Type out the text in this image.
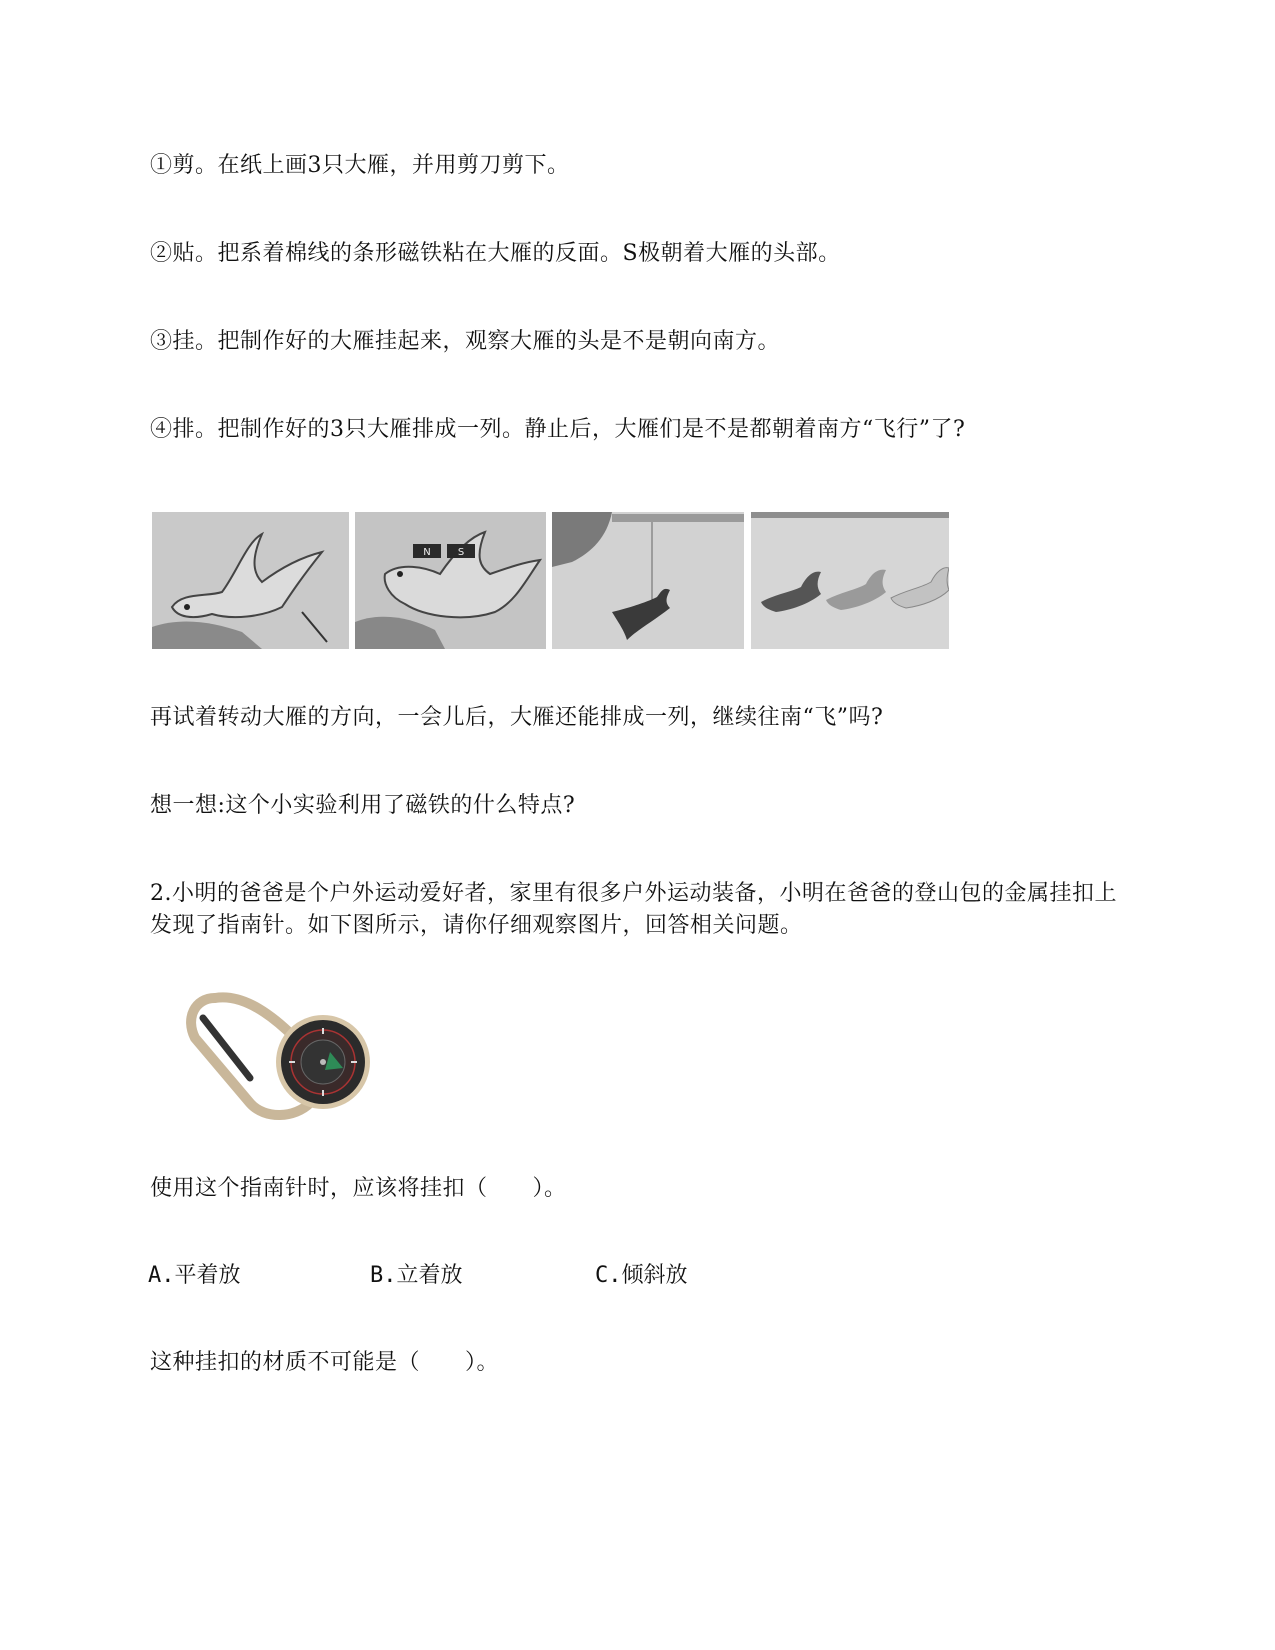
①剪。在纸上画3只大雁，并用剪刀剪下。
②贴。把系着棉线的条形磁铁粘在大雁的反面。S极朝着大雁的头部。
③挂。把制作好的大雁挂起来，观察大雁的头是不是朝向南方。
④排。把制作好的3只大雁排成一列。静止后，大雁们是不是都朝着南方“飞行”了?
N	S
再试着转动大雁的方向，一会儿后，大雁还能排成一列，继续往南“飞”吗?
想一想:这个小实验利用了磁铁的什么特点?
2.小明的爸爸是个户外运动爱好者，家里有很多户外运动装备，小明在爸爸的登山包的金属挂扣上发现了指南针。如下图所示，请你仔细观察图片，回答相关问题。
使用这个指南针时，应该将挂扣（　　）。
A.平着放	B.立着放	C.倾斜放
这种挂扣的材质不可能是（　　）。
